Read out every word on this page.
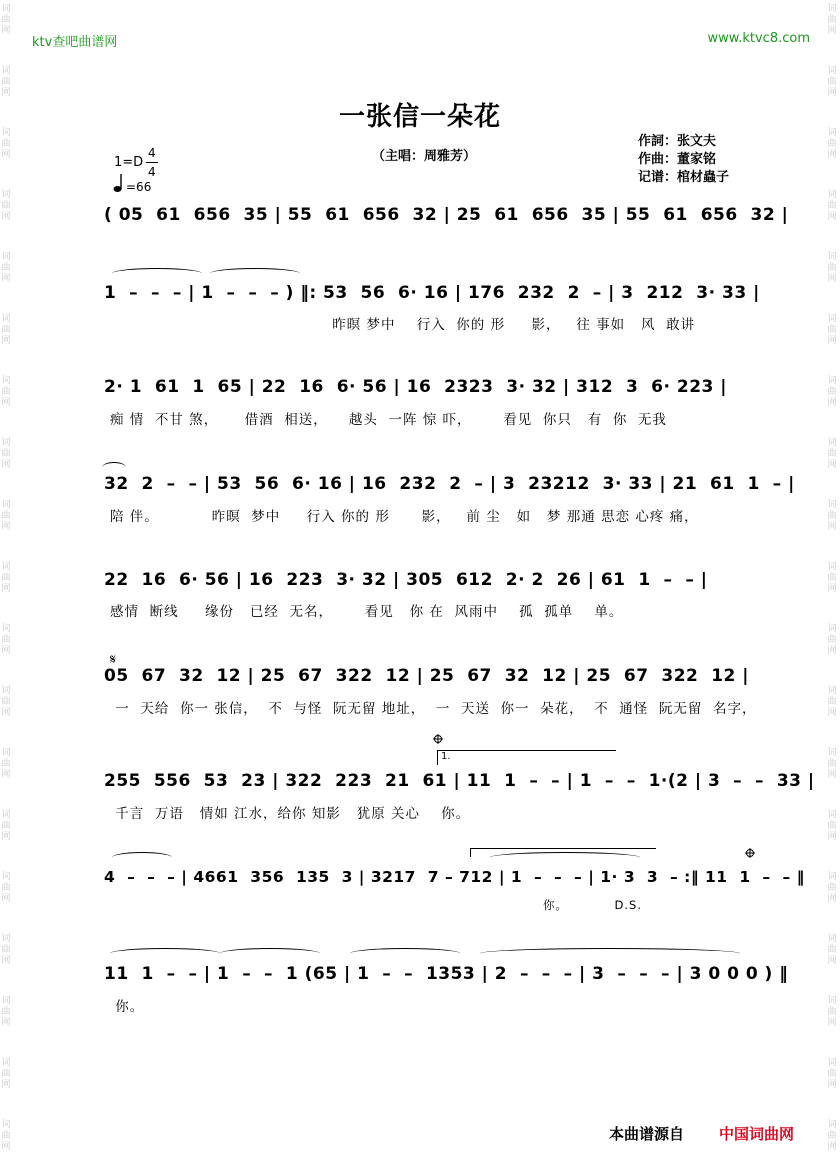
词
曲
网
词
曲
网
词
曲
网
词
曲
网
词
曲
网
词
曲
网
词
曲
网
词
曲
网
词
曲
网
词
曲
网
词
曲
网
词
曲
网
词
曲
网
词
曲
网
词
曲
网
词
曲
网
词
曲
网
词
曲
网
词
曲
网
词
曲
网
词
曲
网
词
曲
网
词
曲
网
词
曲
网
词
曲
网
词
曲
网
词
曲
网
词
曲
网
词
曲
网
词
曲
网
词
曲
网
词
曲
网
词
曲
网
词
曲
网
词
曲
网
词
曲
网
词
曲
网
词
曲
网
ktv查吧曲谱网	www.ktvc8.com
一张信一朵花
（主唱：周雅芳）
作詞：张文夫
作曲：董家铭
记谱：棺材蟲子
1=D
4
4
=66
( 05  61  656  35 | 55  61  656  32 | 25  61  656  35 | 55  61  656  32 |
1  –  –  – | 1  –  –  – ) ‖: 53  56  6· 16 | 176  232  2  – | 3  212  3· 33 |
昨暝 梦中    行入  你的 形     影，   往 事如   风  敢讲
2· 1  61  1  65 | 22  16  6· 56 | 16  2323  3· 32 | 312  3  6· 223 |
痴 情  不甘 煞，     借酒  相送，    越头  一阵 惊 吓，      看见  你只   有  你  无我
32  2  –  – | 53  56  6· 16 | 16  232  2  – | 3  23212  3· 33 | 21  61  1  – |
陪 伴。          昨暝  梦中     行入 你的 形      影，   前 尘   如   梦 那通 思恋 心疼 痛，
22  16  6· 56 | 16  223  3· 32 | 305  612  2· 2  26 | 61  1  –  – |
感情  断线     缘份   已经  无名，      看见   你 在  风雨中    孤  孤单    单。
𝄋
05  67  32  12 | 25  67  322  12 | 25  67  32  12 | 25  67  322  12 |
一  天给  你一 张信，  不  与怪  阮无留 地址，  一  天送  你一  朵花，  不  通怪  阮无留  名字，
1.
255  556  53  23 | 322  223  21  61 | 11  1  –  – | 1  –  –  1·(2 | 3  –  –  33 |
千言  万语   情如 江水，给你 知影   犹原 关心    你。
4  –  –  – | 4661  356  135  3 | 3217  7 – 712 | 1  –  –  – | 1· 3  3  – :‖ 11  1  –  – ‖
你。          D.S.
11  1  –  – | 1  –  –  1 (65 | 1  –  –  1353 | 2  –  –  – | 3  –  –  – | 3 0 0 0 ) ‖
你。
本曲谱源自 中国词曲网
